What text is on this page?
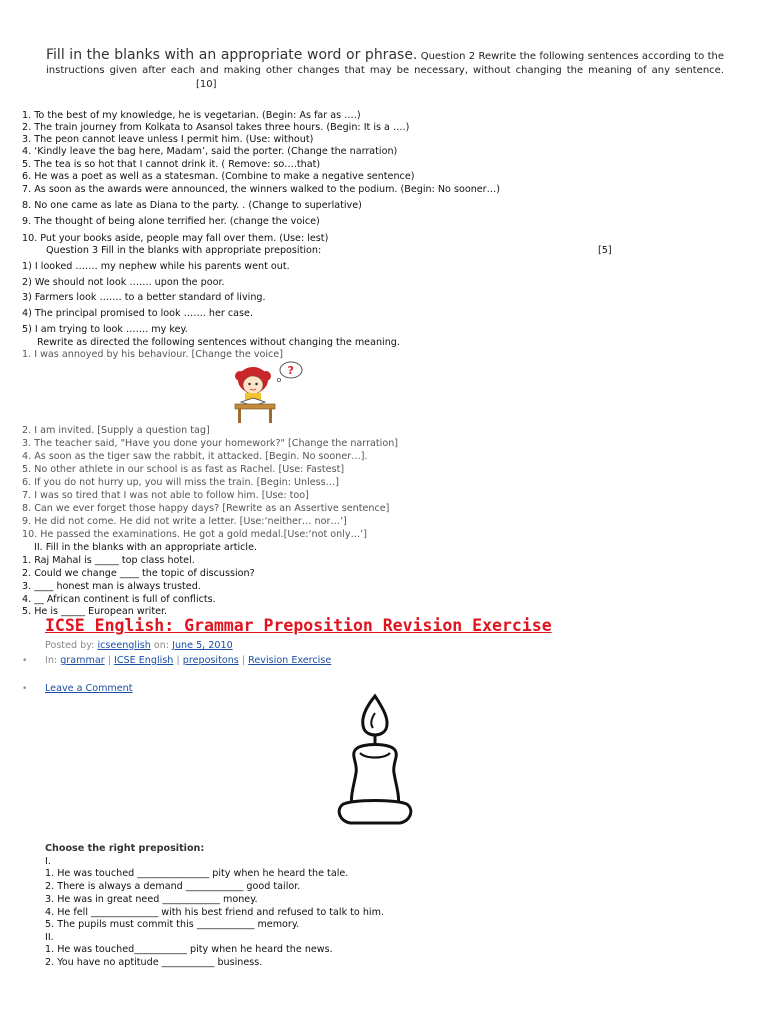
Fill in the blanks with an appropriate word or phrase. Question 2 Rewrite the following sentences according to the instructions given after each and making other changes that may be necessary, without changing the meaning of any sentence. [10]
1. To the best of my knowledge, he is vegetarian. (Begin: As far as ….)
2. The train journey from Kolkata to Asansol takes three hours. (Begin: It is a ….)
3. The peon cannot leave unless I permit him. (Use: without)
4. ‘Kindly leave the bag here, Madam’, said the porter. (Change the narration)
5. The tea is so hot that I cannot drink it. ( Remove: so….that)
6. He was a poet as well as a statesman. (Combine to make a negative sentence)
7. As soon as the awards were announced, the winners walked to the podium. (Begin: No sooner…)
8. No one came as late as Diana to the party. . (Change to superlative)
9. The thought of being alone terrified her. (change the voice)
10. Put your books aside, people may fall over them. (Use: lest)
Question 3 Fill in the blanks with appropriate preposition:	[5]
1) I looked ……. my nephew while his parents went out.
2) We should not look ……. upon the poor.
3) Farmers look ……. to a better standard of living.
4) The principal promised to look ……. her case.
5) I am trying to look ……. my key.
Rewrite as directed the following sentences without changing the meaning.
1. I was annoyed by his behaviour. [Change the voice]
?
2. I am invited. [Supply a question tag]
3. The teacher said, "Have you done your homework?" [Change the narration]
4. As soon as the tiger saw the rabbit, it attacked. [Begin. No sooner…].
5. No other athlete in our school is as fast as Rachel. [Use: Fastest]
6. If you do not hurry up, you will miss the train. [Begin: Unless…]
7. I was so tired that I was not able to follow him. [Use: too]
8. Can we ever forget those happy days? [Rewrite as an Assertive sentence]
9. He did not come. He did not write a letter. [Use:‘neither… nor…’]
10. He passed the examinations. He got a gold medal.[Use:‘not only…’]
II. Fill in the blanks with an appropriate article.
1. Raj Mahal is _____ top class hotel.
2. Could we change ____ the topic of discussion?
3. ____ honest man is always trusted.
4. __ African continent is full of conflicts.
5. He is _____ European writer.
ICSE English: Grammar Preposition Revision Exercise
Posted by: icseenglish on: June 5, 2010
• In: grammar | ICSE English | prepositons | Revision Exercise
• Leave a Comment
Choose the right preposition:
I.
1. He was touched _______________ pity when he heard the tale.
2. There is always a demand ____________ good tailor.
3. He was in great need ____________ money.
4. He fell ______________ with his best friend and refused to talk to him.
5. The pupils must commit this ____________ memory.
II.
1. He was touched___________ pity when he heard the news.
2. You have no aptitude ___________ business.
